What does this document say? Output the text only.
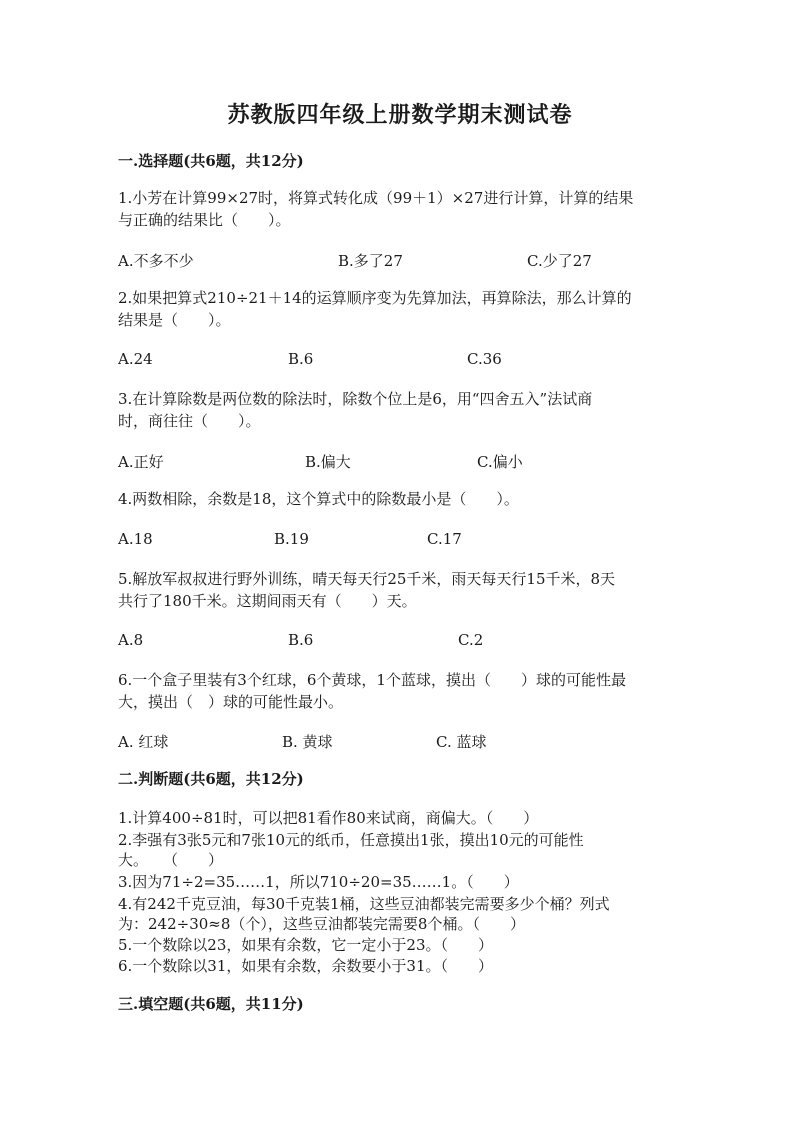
苏教版四年级上册数学期末测试卷
一.选择题(共6题，共12分)
1.小芳在计算99×27时，将算式转化成（99＋1）×27进行计算，计算的结果
与正确的结果比（　　）。
A.不多不少	B.多了27	C.少了27
2.如果把算式210÷21＋14的运算顺序变为先算加法，再算除法，那么计算的
结果是（　　）。
A.24	B.6	C.36
3.在计算除数是两位数的除法时，除数个位上是6，用“四舍五入”法试商
时，商往往（　　）。
A.正好	B.偏大	C.偏小
4.两数相除，余数是18，这个算式中的除数最小是（　　）。
A.18	B.19	C.17
5.解放军叔叔进行野外训练，晴天每天行25千米，雨天每天行15千米，8天
共行了180千米。这期间雨天有（　　）天。
A.8	B.6	C.2
6.一个盒子里装有3个红球，6个黄球，1个蓝球，摸出（　　）球的可能性最
大，摸出（　）球的可能性最小。
A. 红球	B. 黄球	C. 蓝球
二.判断题(共6题，共12分)
1.计算400÷81时，可以把81看作80来试商，商偏大。（　　）
2.李强有3张5元和7张10元的纸币，任意摸出1张，摸出10元的可能性
大。　　（　　）
3.因为71÷2=35……1，所以710÷20=35……1。（　　）
4.有242千克豆油，每30千克装1桶，这些豆油都装完需要多少个桶？列式
为：242÷30≈8（个），这些豆油都装完需要8个桶。（　　）
5.一个数除以23，如果有余数，它一定小于23。（　　）
6.一个数除以31，如果有余数，余数要小于31。（　　）
三.填空题(共6题，共11分)
